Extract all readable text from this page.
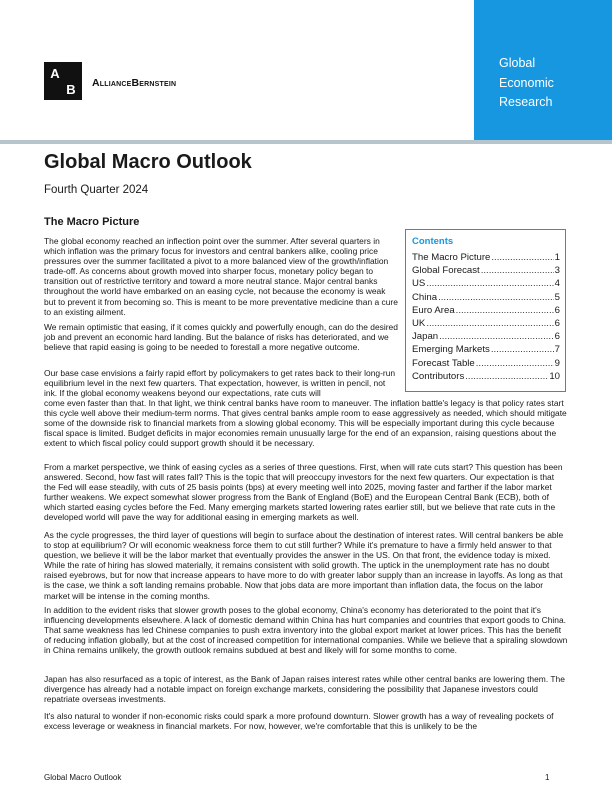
A
B AllianceBernstein
Global
Economic
Research
Global Macro Outlook
Fourth Quarter 2024
The Macro Picture
Contents
The Macro Picture .....	1
Global Forecast .....	3
US .....	4
China .....	5
Euro Area .....	6
UK .....	6
Japan .....	6
Emerging Markets .....	7
Forecast Table .....	9
Contributors .....	10

The global economy reached an inflection point over the summer. After several quarters in which inflation was the primary focus for investors and central bankers alike, cooling price pressures over the summer facilitated a pivot to a more balanced view of the growth/inflation trade-off. As concerns about growth moved into sharper focus, monetary policy began to transition out of restrictive territory and toward a more neutral stance. Major central banks throughout the world have embarked on an easing cycle, not because the economy is weak but to prevent it from becoming so. This is meant to be more preventative medicine than a cure to an existing ailment.

We remain optimistic that easing, if it comes quickly and powerfully enough, can do the desired job and prevent an economic hard landing. But the balance of risks has deteriorated, and we believe that rapid easing is going to be needed to forestall a more negative outcome.

Our base case envisions a fairly rapid effort by policymakers to get rates back to their long-run equilibrium level in the next few quarters. That expectation, however, is written in pencil, not ink. If the global economy weakens beyond our expectations, rate cuts will

come even faster than that. In that light, we think central banks have room to maneuver. The inflation battle's legacy is that policy rates start this cycle well above their medium-term norms. That gives central banks ample room to ease aggressively as needed, which should mitigate some of the downside risk to financial markets from a slowing global economy. This will be especially important during this cycle because fiscal space is limited. Budget deficits in major economies remain unusually large for the end of an expansion, raising questions about the extent to which fiscal policy could support growth should it be necessary.

From a market perspective, we think of easing cycles as a series of three questions. First, when will rate cuts start? This question has been answered. Second, how fast will rates fall? This is the topic that will preoccupy investors for the next few quarters. Our expectation is that the Fed will ease steadily, with cuts of 25 basis points (bps) at every meeting well into 2025, moving faster and farther if the labor market further weakens. We expect somewhat slower progress from the Bank of England (BoE) and the European Central Bank (ECB), both of which started easing cycles before the Fed. Many emerging markets started lowering rates earlier still, but we believe that rate cuts in the developed world will pave the way for additional easing in emerging markets as well.

As the cycle progresses, the third layer of questions will begin to surface about the destination of interest rates. Will central bankers be able to stop at equilibrium? Or will economic weakness force them to cut still further? While it's premature to have a firmly held answer to that question, we believe it will be the labor market that eventually provides the answer in the US. On that front, the evidence today is mixed. While the rate of hiring has slowed materially, it remains consistent with solid growth. The uptick in the unemployment rate has no doubt raised eyebrows, but for now that increase appears to have more to do with greater labor supply than an increase in layoffs. As long as that is the case, we think a soft landing remains probable. Now that jobs data are more important than inflation data, the focus on the labor market will be intense in the coming months.

In addition to the evident risks that slower growth poses to the global economy, China's economy has deteriorated to the point that it's influencing developments elsewhere. A lack of domestic demand within China has hurt companies and countries that export goods to China. That same weakness has led Chinese companies to push extra inventory into the global export market at lower prices. This has the benefit of reducing inflation globally, but at the cost of increased competition for international companies. While we believe that a spiraling slowdown in China remains unlikely, the growth outlook remains subdued at best and likely will for some months to come.

Japan has also resurfaced as a topic of interest, as the Bank of Japan raises interest rates while other central banks are lowering them. The divergence has already had a notable impact on foreign exchange markets, considering the possibility that Japanese investors could repatriate overseas investments.

It's also natural to wonder if non-economic risks could spark a more profound downturn. Slower growth has a way of revealing pockets of excess leverage or weakness in financial markets. For now, however, we're comfortable that this is unlikely to be the

Global Macro Outlook	1
